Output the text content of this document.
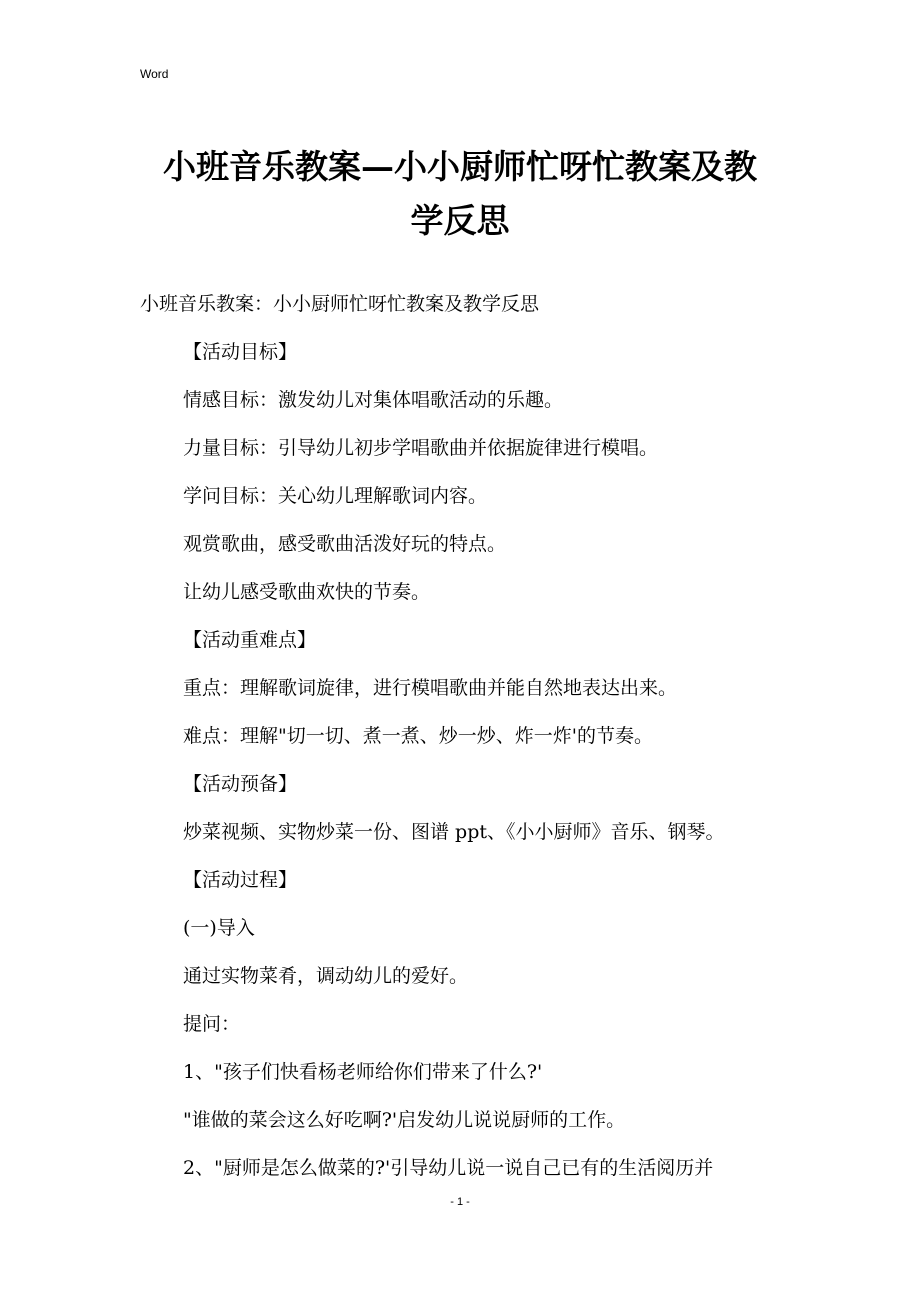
Word
小班音乐教案—小小厨师忙呀忙教案及教
学反思
小班音乐教案：小小厨师忙呀忙教案及教学反思
【活动目标】
情感目标：激发幼儿对集体唱歌活动的乐趣。
力量目标：引导幼儿初步学唱歌曲并依据旋律进行模唱。
学问目标：关心幼儿理解歌词内容。
观赏歌曲，感受歌曲活泼好玩的特点。
让幼儿感受歌曲欢快的节奏。
【活动重难点】
重点：理解歌词旋律，进行模唱歌曲并能自然地表达出来。
难点：理解"切一切、煮一煮、炒一炒、炸一炸'的节奏。
【活动预备】
炒菜视频、实物炒菜一份、图谱 ppt、《小小厨师》音乐、钢琴。
【活动过程】
(一)导入
通过实物菜肴，调动幼儿的爱好。
提问：
1、"孩子们快看杨老师给你们带来了什么?'
"谁做的菜会这么好吃啊?'启发幼儿说说厨师的工作。
2、"厨师是怎么做菜的?'引导幼儿说一说自己已有的生活阅历并
- 1 -
